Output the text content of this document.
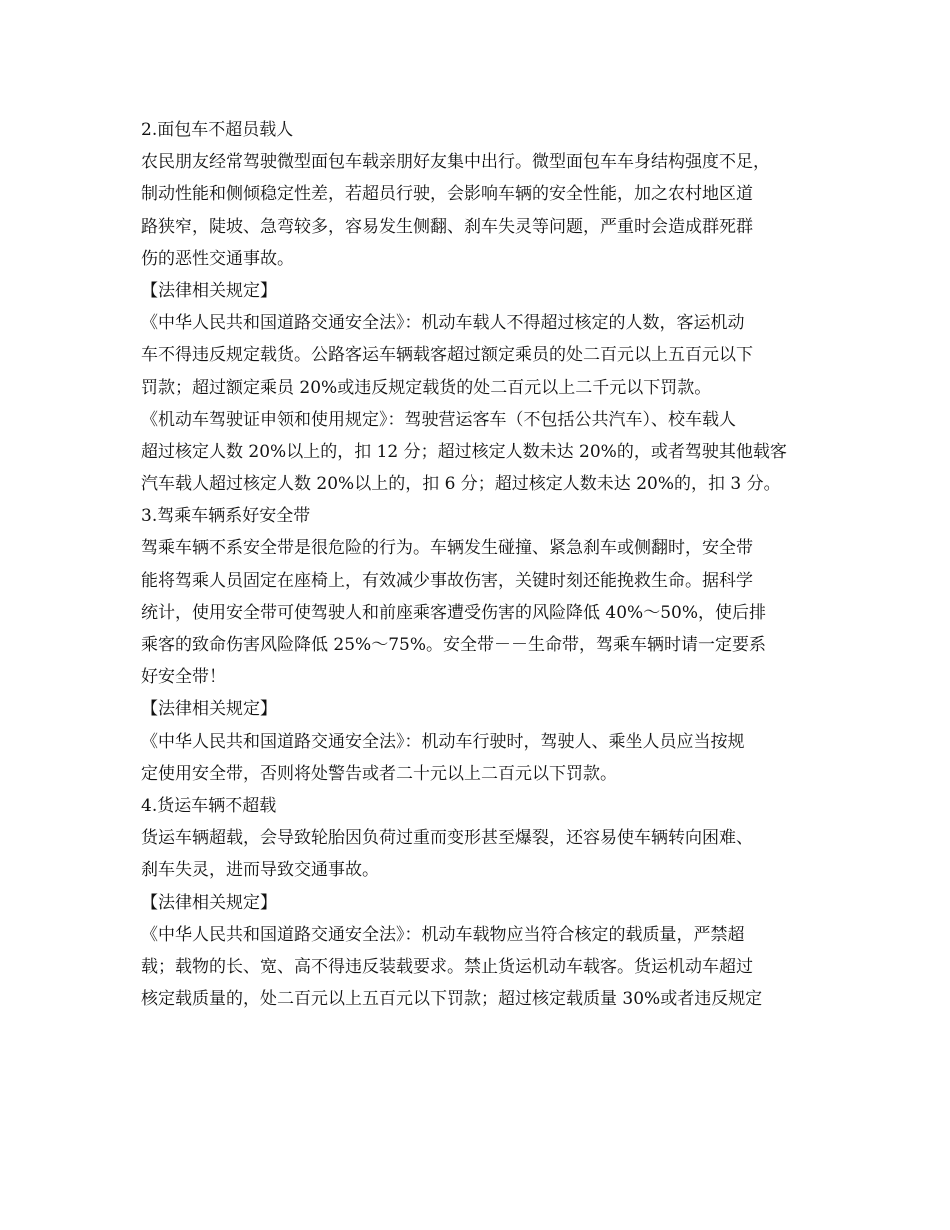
2.面包车不超员载人

农民朋友经常驾驶微型面包车载亲朋好友集中出行。微型面包车车身结构强度不足，

制动性能和侧倾稳定性差，若超员行驶，会影响车辆的安全性能，加之农村地区道

路狭窄，陡坡、急弯较多，容易发生侧翻、刹车失灵等问题，严重时会造成群死群

伤的恶性交通事故。

【法律相关规定】

《中华人民共和国道路交通安全法》：机动车载人不得超过核定的人数，客运机动

车不得违反规定载货。公路客运车辆载客超过额定乘员的处二百元以上五百元以下

罚款；超过额定乘员 20%或违反规定载货的处二百元以上二千元以下罚款。

《机动车驾驶证申领和使用规定》：驾驶营运客车（不包括公共汽车）、校车载人

超过核定人数 20%以上的，扣 12 分；超过核定人数未达 20%的，或者驾驶其他载客

汽车载人超过核定人数 20%以上的，扣 6 分；超过核定人数未达 20%的，扣 3 分。

3.驾乘车辆系好安全带

驾乘车辆不系安全带是很危险的行为。车辆发生碰撞、紧急刹车或侧翻时，安全带

能将驾乘人员固定在座椅上，有效减少事故伤害，关键时刻还能挽救生命。据科学

统计，使用安全带可使驾驶人和前座乘客遭受伤害的风险降低 40%～50%，使后排

乘客的致命伤害风险降低 25%～75%。安全带－－生命带，驾乘车辆时请一定要系

好安全带！

【法律相关规定】

《中华人民共和国道路交通安全法》：机动车行驶时，驾驶人、乘坐人员应当按规

定使用安全带，否则将处警告或者二十元以上二百元以下罚款。

4.货运车辆不超载

货运车辆超载，会导致轮胎因负荷过重而变形甚至爆裂，还容易使车辆转向困难、

刹车失灵，进而导致交通事故。

【法律相关规定】

《中华人民共和国道路交通安全法》：机动车载物应当符合核定的载质量，严禁超

载；载物的长、宽、高不得违反装载要求。禁止货运机动车载客。货运机动车超过

核定载质量的，处二百元以上五百元以下罚款；超过核定载质量 30%或者违反规定
